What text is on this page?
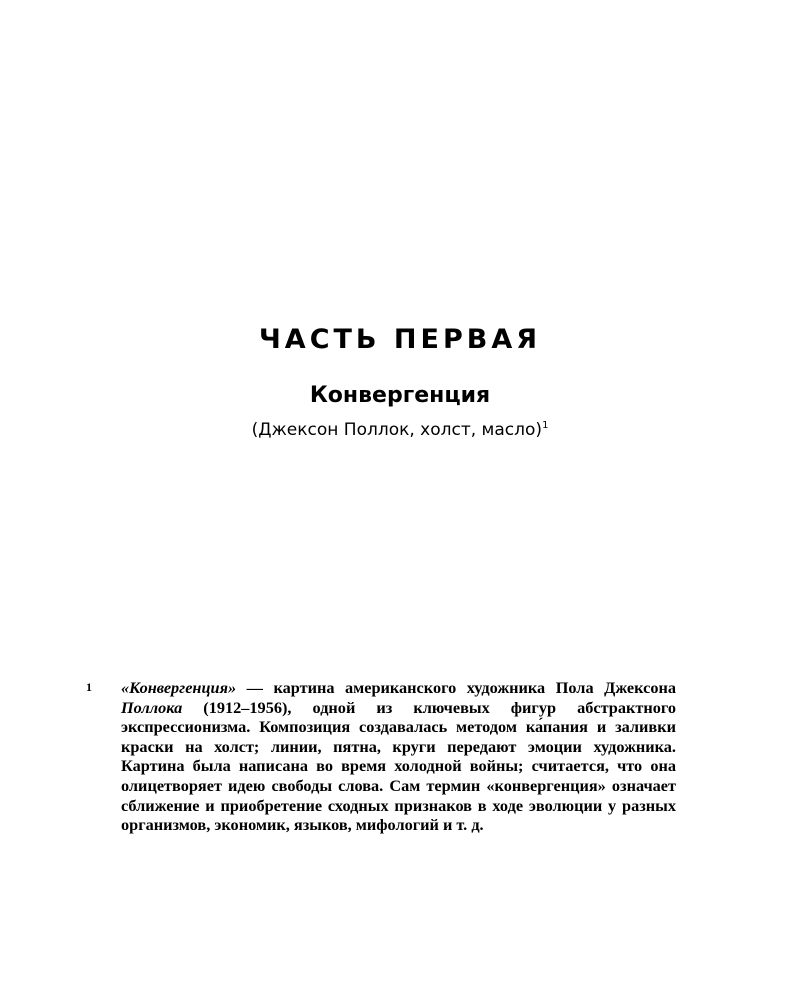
ЧАСТЬ ПЕРВАЯ
Конвергенция

(Джексон Поллок, холст, масло)$^1$

1 «Конвергенция» — картина американского художника Пола Джексона Поллока (1912–1956), одной из ключевых фигур абстрактного экспрессионизма. Композиция создавалась методом ка́пания и заливки краски на холст; линии, пятна, круги передают эмоции художника. Картина была написана во время холодной войны; считается, что она олицетворяет идею свободы слова. Сам термин «конвергенция» означает сближение и приобретение сходных признаков в ходе эволюции у разных организмов, экономик, языков, мифологий и т. д.
